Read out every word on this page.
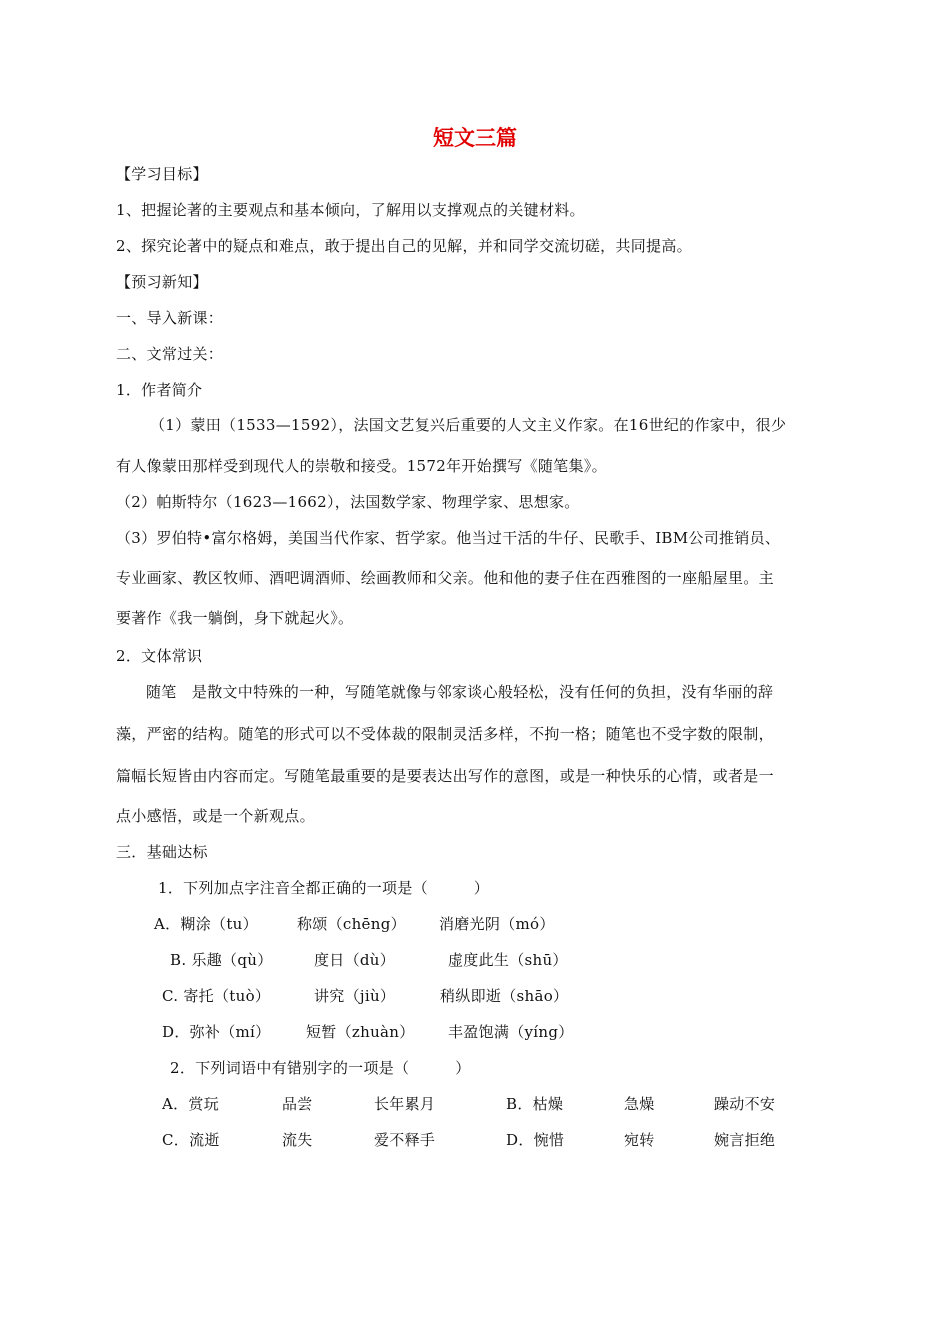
短文三篇
【学习目标】
1、把握论著的主要观点和基本倾向，了解用以支撑观点的关键材料。
2、探究论著中的疑点和难点，敢于提出自己的见解，并和同学交流切磋，共同提高。
【预习新知】
一、导入新课：
二、文常过关：
1．作者简介
（1）蒙田（1533—1592），法国文艺复兴后重要的人文主义作家。在16世纪的作家中，很少
有人像蒙田那样受到现代人的崇敬和接受。1572年开始撰写《随笔集》。
（2）帕斯特尔（1623—1662），法国数学家、物理学家、思想家。
（3）罗伯特•富尔格姆，美国当代作家、哲学家。他当过干活的牛仔、民歌手、IBM公司推销员、
专业画家、教区牧师、酒吧调酒师、绘画教师和父亲。他和他的妻子住在西雅图的一座船屋里。主
要著作《我一躺倒，身下就起火》。
2．文体常识
随笔　是散文中特殊的一种，写随笔就像与邻家谈心般轻松，没有任何的负担，没有华丽的辞
藻，严密的结构。随笔的形式可以不受体裁的限制灵活多样，不拘一格；随笔也不受字数的限制，
篇幅长短皆由内容而定。写随笔最重要的是要表达出写作的意图，或是一种快乐的心情，或者是一
点小感悟，或是一个新观点。
三．基础达标
1．下列加点字注音全都正确的一项是（　　　）
A．糊涂（tu）	称颂（chēng） 消磨光阴（mó）
B. 乐趣（qù）	度日（dù）	虚度此生（shū）
C. 寄托（tuò）	讲究（jiù）	稍纵即逝（shāo）
D．弥补（mí） 短暂（zhuàn） 丰盈饱满（yíng）
2．下列词语中有错别字的一项是（　　　）
A．赏玩	品尝	长年累月	B．枯燥	急燥	躁动不安
C．流逝	流失	爱不释手	D．惋惜	宛转	婉言拒绝
